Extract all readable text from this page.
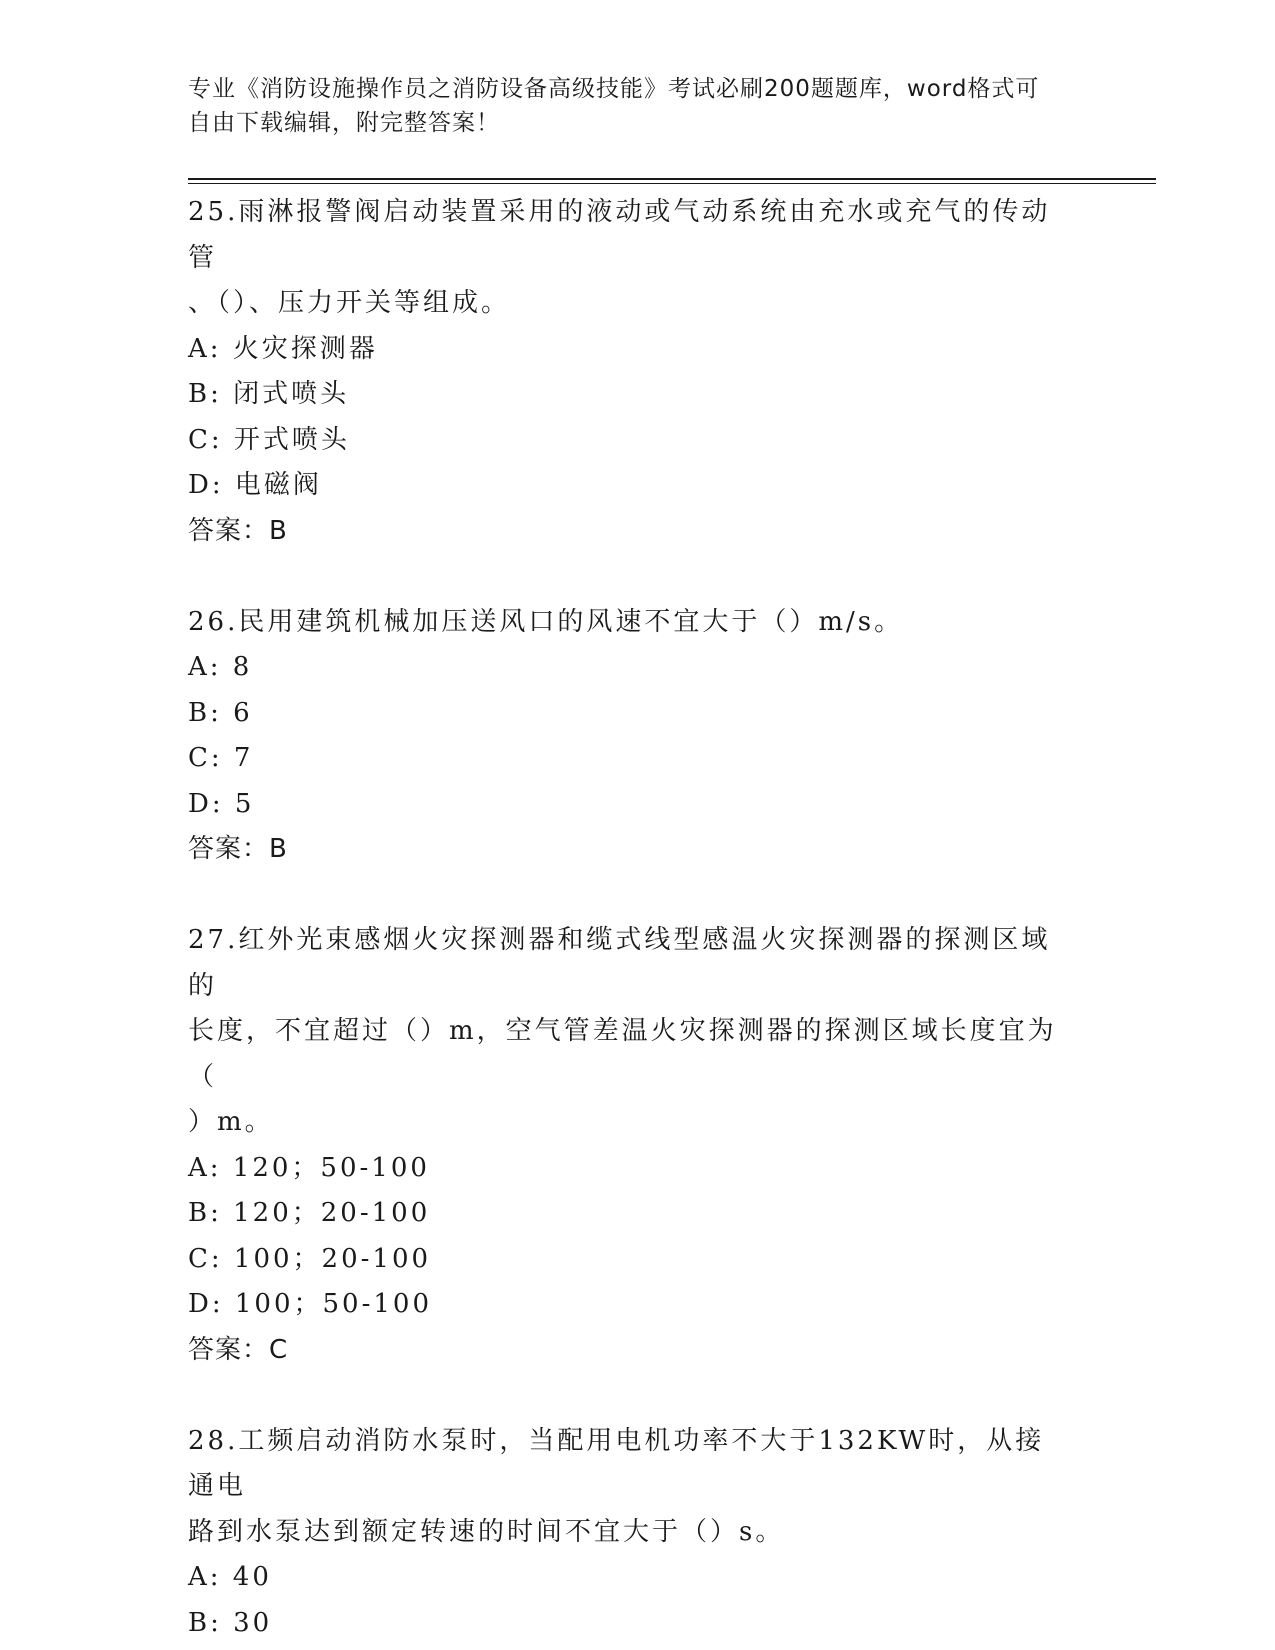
专业《消防设施操作员之消防设备高级技能》考试必刷200题题库，word格式可
自由下载编辑，附完整答案！
25.雨淋报警阀启动装置采用的液动或气动系统由充水或充气的传动管
、（）、压力开关等组成。
A: 火灾探测器
B: 闭式喷头
C: 开式喷头
D: 电磁阀
答案：B
26.民用建筑机械加压送风口的风速不宜大于（）m/s。
A: 8
B: 6
C: 7
D: 5
答案：B
27.红外光束感烟火灾探测器和缆式线型感温火灾探测器的探测区域的
长度，不宜超过（）m，空气管差温火灾探测器的探测区域长度宜为（
）m。
A: 120；50-100
B: 120；20-100
C: 100；20-100
D: 100；50-100
答案：C
28.工频启动消防水泵时，当配用电机功率不大于132KW时，从接通电
路到水泵达到额定转速的时间不宜大于（）s。
A: 40
B: 30
